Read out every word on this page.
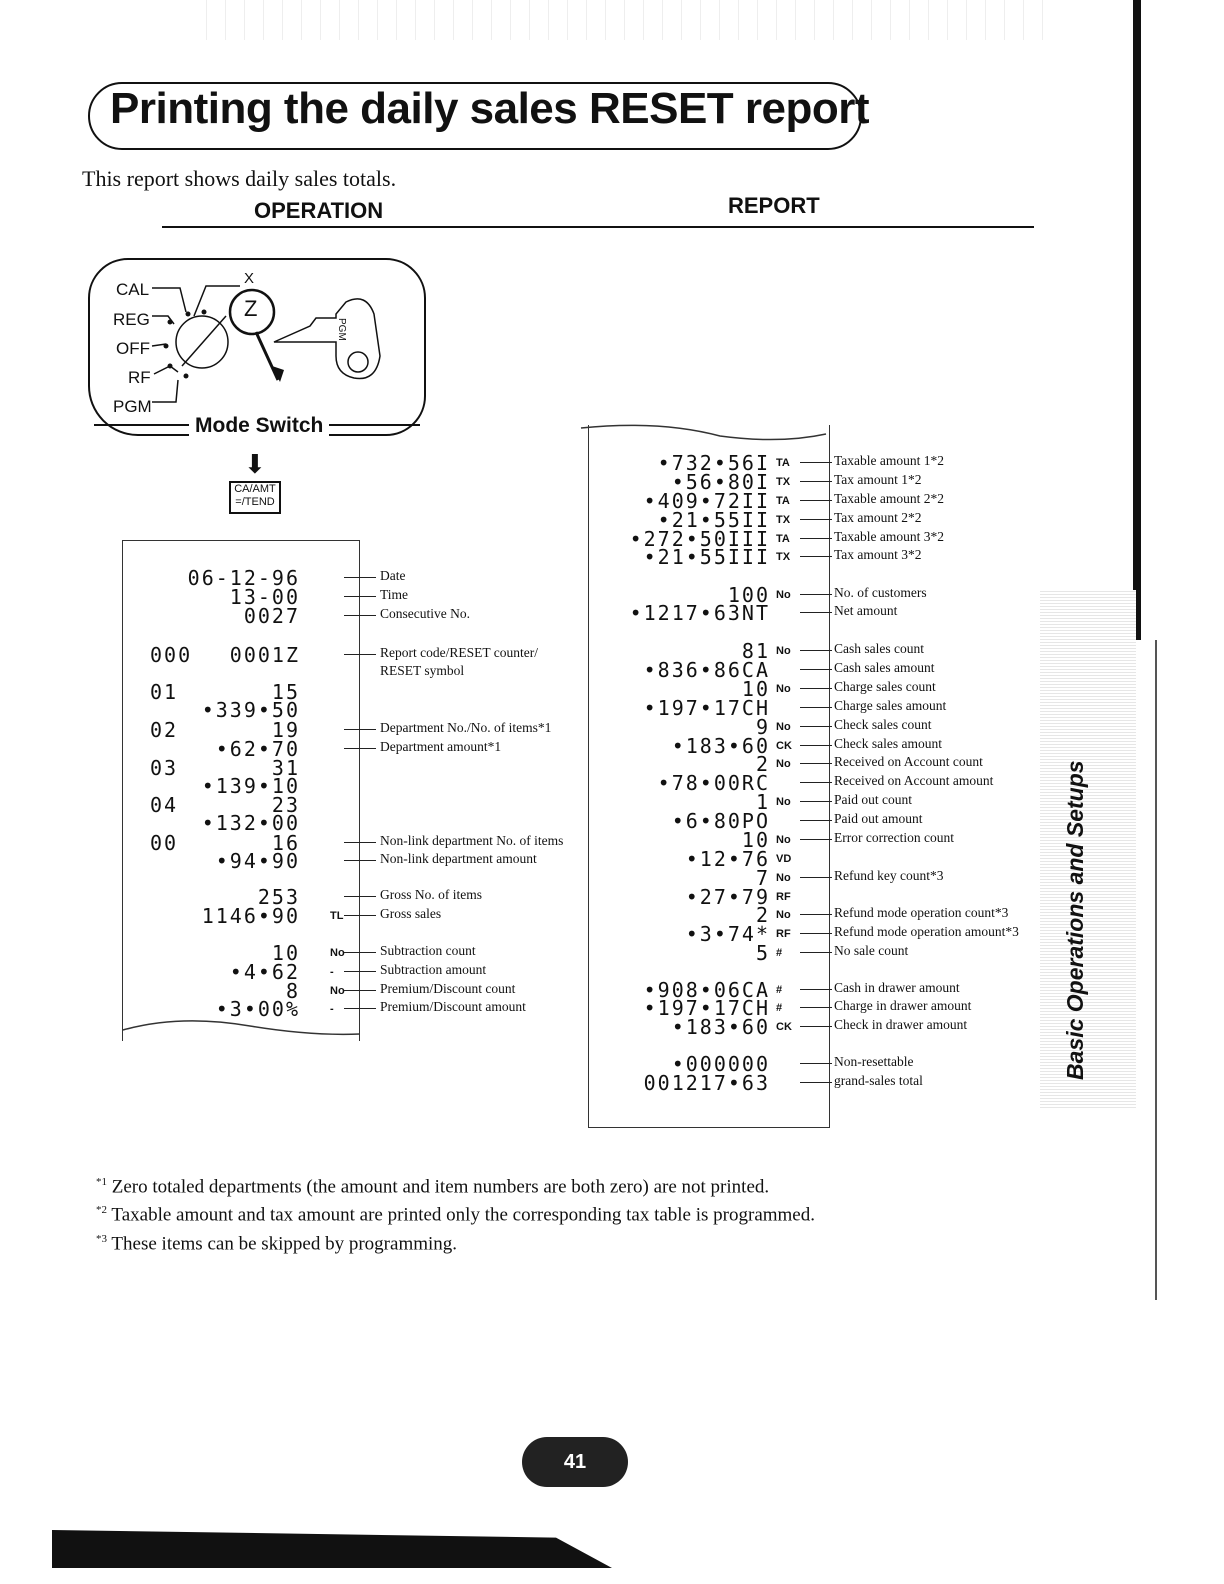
Printing the daily sales RESET report
This report shows daily sales totals.
OPERATION	REPORT
CAL
REG
OFF
RF
PGM
X
Z
PGM
Mode Switch
⬇
CA/AMT
=/TEND
06-12-96	Date
13-00	Time
0027	Consecutive No.
000 0001Z	Report code/RESET counter/
RESET symbol
01	15
•339•50
02	19	Department No./No. of items*1
•62•70	Department amount*1
03	31
•139•10
04	23
•132•00
00	16	Non-link department No. of items
•94•90	Non-link department amount
253	Gross No. of items
1146•90	TL	Gross sales
10	No	Subtraction count
•4•62	-	Subtraction amount
8	No	Premium/Discount count
•3•00%	-	Premium/Discount amount
•732•56I TA	Taxable amount 1*2
•56•80I TX	Tax amount 1*2
•409•72II TA	Taxable amount 2*2
•21•55II TX	Tax amount 2*2
•272•50III TA	Taxable amount 3*2
•21•55III TX	Tax amount 3*2
100 No	No. of customers
•1217•63NT	Net amount
81 No	Cash sales count
•836•86CA	Cash sales amount
10 No	Charge sales count
•197•17CH	Charge sales amount
9 No	Check sales count
•183•60 CK	Check sales amount
2 No	Received on Account count
•78•00RC	Received on Account amount
1 No	Paid out count
•6•80PO	Paid out amount
10 No	Error correction count
•12•76 VD
7 No	Refund key count*3
•27•79 RF
2 No	Refund mode operation count*3
•3•74* RF	Refund mode operation amount*3
5 #	No sale count
•908•06CA #	Cash in drawer amount
•197•17CH #	Charge in drawer amount
•183•60 CK	Check in drawer amount
•000000	Non-resettable
001217•63	grand-sales total
Basic Operations and Setups
$^{*1}$ Zero totaled departments (the amount and item numbers are both zero) are not printed.
$^{*2}$ Taxable amount and tax amount are printed only the corresponding tax table is programmed.
$^{*3}$ These items can be skipped by programming.
41
